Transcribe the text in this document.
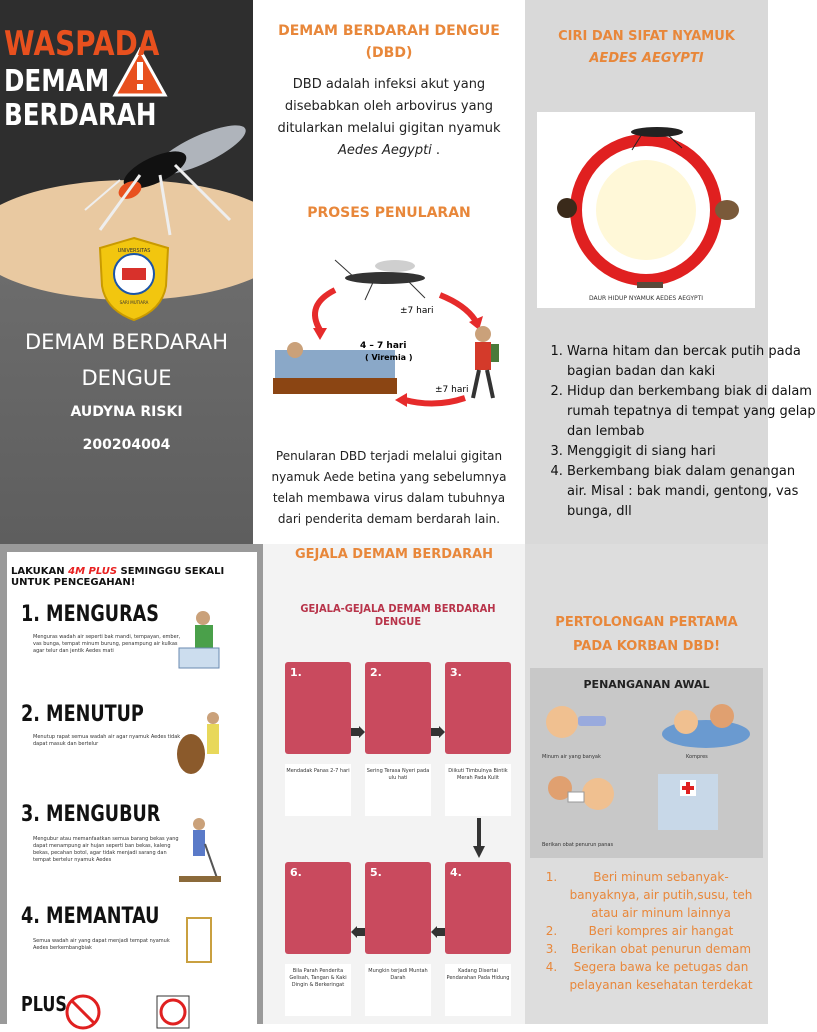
WASPADA
DEMAM
BERDARAH
UNIVERSITAS
SARI MUTIARA
DEMAM BERDARAH
DENGUE
AUDYNA RISKI
200204004
DEMAM BERDARAH DENGUE
(DBD)
DBD adalah infeksi akut yang disebabkan oleh arbovirus yang ditularkan melalui gigitan nyamuk
Aedes Aegypti .
PROSES PENULARAN
±7 hari
4 – 7 hari
( Viremia )
±7 hari
Penularan DBD terjadi melalui gigitan nyamuk Aede betina yang sebelumnya telah membawa virus dalam tubuhnya dari penderita demam berdarah lain.
CIRI DAN SIFAT NYAMUK
AEDES AEGYPTI
DAUR HIDUP NYAMUK AEDES AEGYPTI
1. Warna hitam dan bercak putih pada bagian badan dan kaki
2. Hidup dan berkembang biak di dalam rumah tepatnya di tempat yang gelap dan lembab
3. Menggigit di siang hari
4. Berkembang biak dalam genangan air. Misal : bak mandi, gentong, vas bunga, dll
LAKUKAN 4M PLUS SEMINGGU SEKALI UNTUK PENCEGAHAN!
1. MENGURAS
Menguras wadah air seperti bak mandi, tempayan, ember, vas bunga, tempat minum burung, penampung air kulkas agar telur dan jentik Aedes mati
2. MENUTUP
Menutup rapat semua wadah air agar nyamuk Aedes tidak dapat masuk dan bertelur
3. MENGUBUR
Mengubur atau memanfaatkan semua barang bekas yang dapat menampung air hujan seperti ban bekas, kaleng bekas, pecahan botol, agar tidak menjadi sarang dan tempat bertelur nyamuk Aedes
4. MEMANTAU
Semua wadah air yang dapat menjadi tempat nyamuk Aedes berkembangbiak
PLUS
GEJALA DEMAM BERDARAH
GEJALA-GEJALA DEMAM BERDARAH DENGUE
1.
Mendadak Panas 2-7 hari
2.
Sering Terasa Nyeri pada ulu hati
3.
Diikuti Timbulnya Bintik Merah Pada Kulit
6.
Bila Parah Penderita Gelisah, Tangan & Kaki Dingin & Berkeringat
5.
Mungkin terjadi Muntah Darah
4.
Kadang Disertai Pendarahan Pada Hidung
PERTOLONGAN PERTAMA
PADA KORBAN DBD!
PENANGANAN AWAL
Minum air yang banyak	Kompres
Berikan obat penurun panas
1. Beri minum sebanyak-banyaknya, air putih,susu, teh atau air minum lainnya
2. Beri kompres air hangat
3. Berikan obat penurun demam
4. Segera bawa ke petugas dan pelayanan kesehatan terdekat
